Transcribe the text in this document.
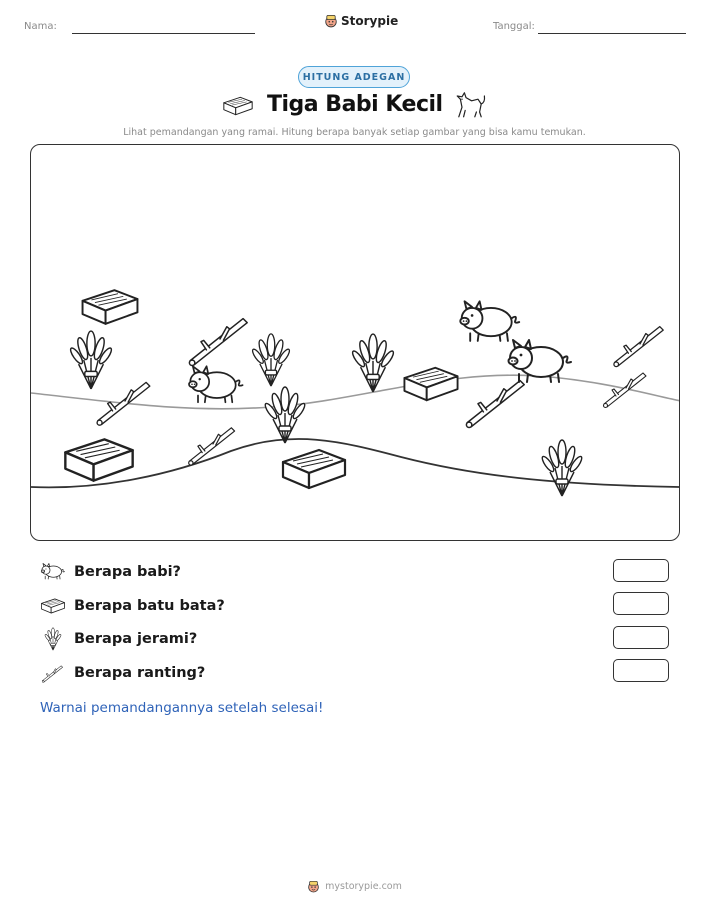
Nama:	Storypie	Tanggal:
HITUNG ADEGAN
Tiga Babi Kecil
Lihat pemandangan yang ramai. Hitung berapa banyak setiap gambar yang bisa kamu temukan.
Berapa babi?
Berapa batu bata?
Berapa jerami?
Berapa ranting?
Warnai pemandangannya setelah selesai!
mystorypie.com
